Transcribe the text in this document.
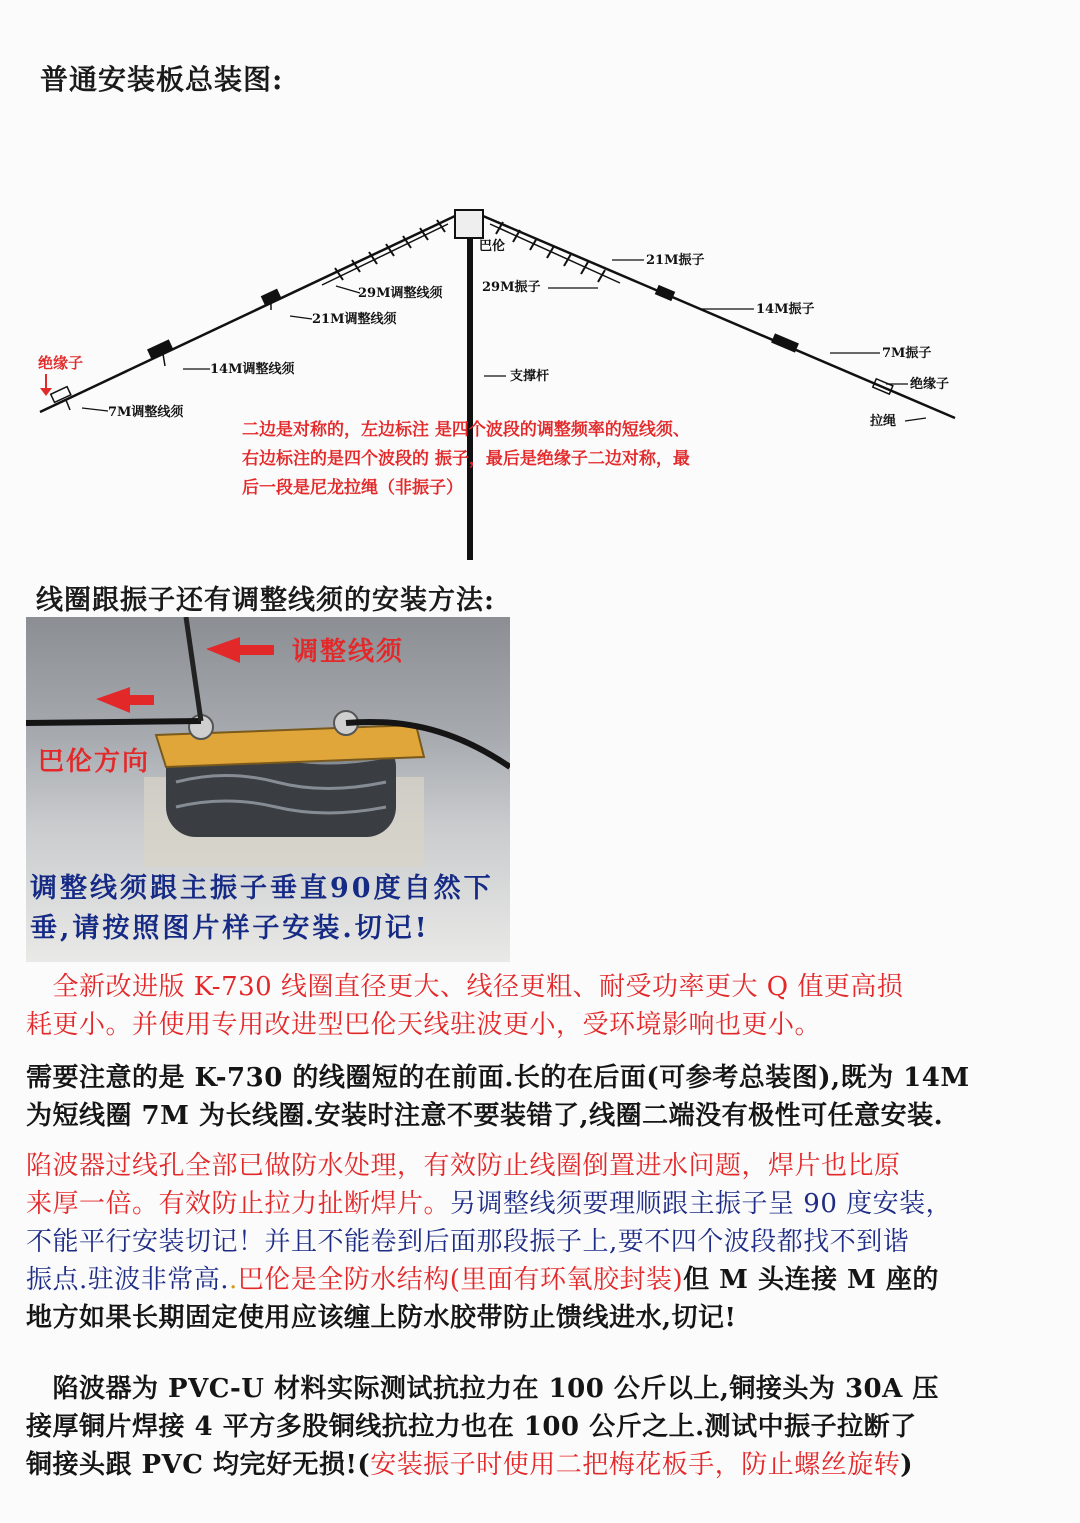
普通安装板总装图:
巴伦
29M调整线须
21M调整线须
14M调整线须
7M调整线须
绝缘子
支撑杆
29M振子
21M振子
14M振子
7M振子
绝缘子
拉绳
二边是对称的，左边标注 是四个波段的调整频率的短线须、
右边标注的是四个波段的 振子，最后是绝缘子二边对称，最
后一段是尼龙拉绳（非振子）
线圈跟振子还有调整线须的安装方法:
调整线须
巴伦方向
调整线须跟主振子垂直90度自然下
垂,请按照图片样子安装.切记!
　全新改进版 K-730 线圈直径更大、线径更粗、耐受功率更大 Q 值更高损
耗更小。并使用专用改进型巴伦天线驻波更小，受环境影响也更小。
需要注意的是 K-730 的线圈短的在前面.长的在后面(可参考总装图),既为 14M
为短线圈 7M 为长线圈.安装时注意不要装错了,线圈二端没有极性可任意安装.
陷波器过线孔全部已做防水处理，有效防止线圈倒置进水问题，焊片也比原
来厚一倍。有效防止拉力扯断焊片。另调整线须要理顺跟主振子呈 90 度安装，
不能平行安装切记！并且不能卷到后面那段振子上,要不四个波段都找不到谐
振点.驻波非常高..巴伦是全防水结构(里面有环氧胶封装)但 M 头连接 M 座的
地方如果长期固定使用应该缠上防水胶带防止馈线进水,切记!
　陷波器为 PVC-U 材料实际测试抗拉力在 100 公斤以上,铜接头为 30A 压
接厚铜片焊接 4 平方多股铜线抗拉力也在 100 公斤之上.测试中振子拉断了
铜接头跟 PVC 均完好无损!(安装振子时使用二把梅花板手，防止螺丝旋转)
